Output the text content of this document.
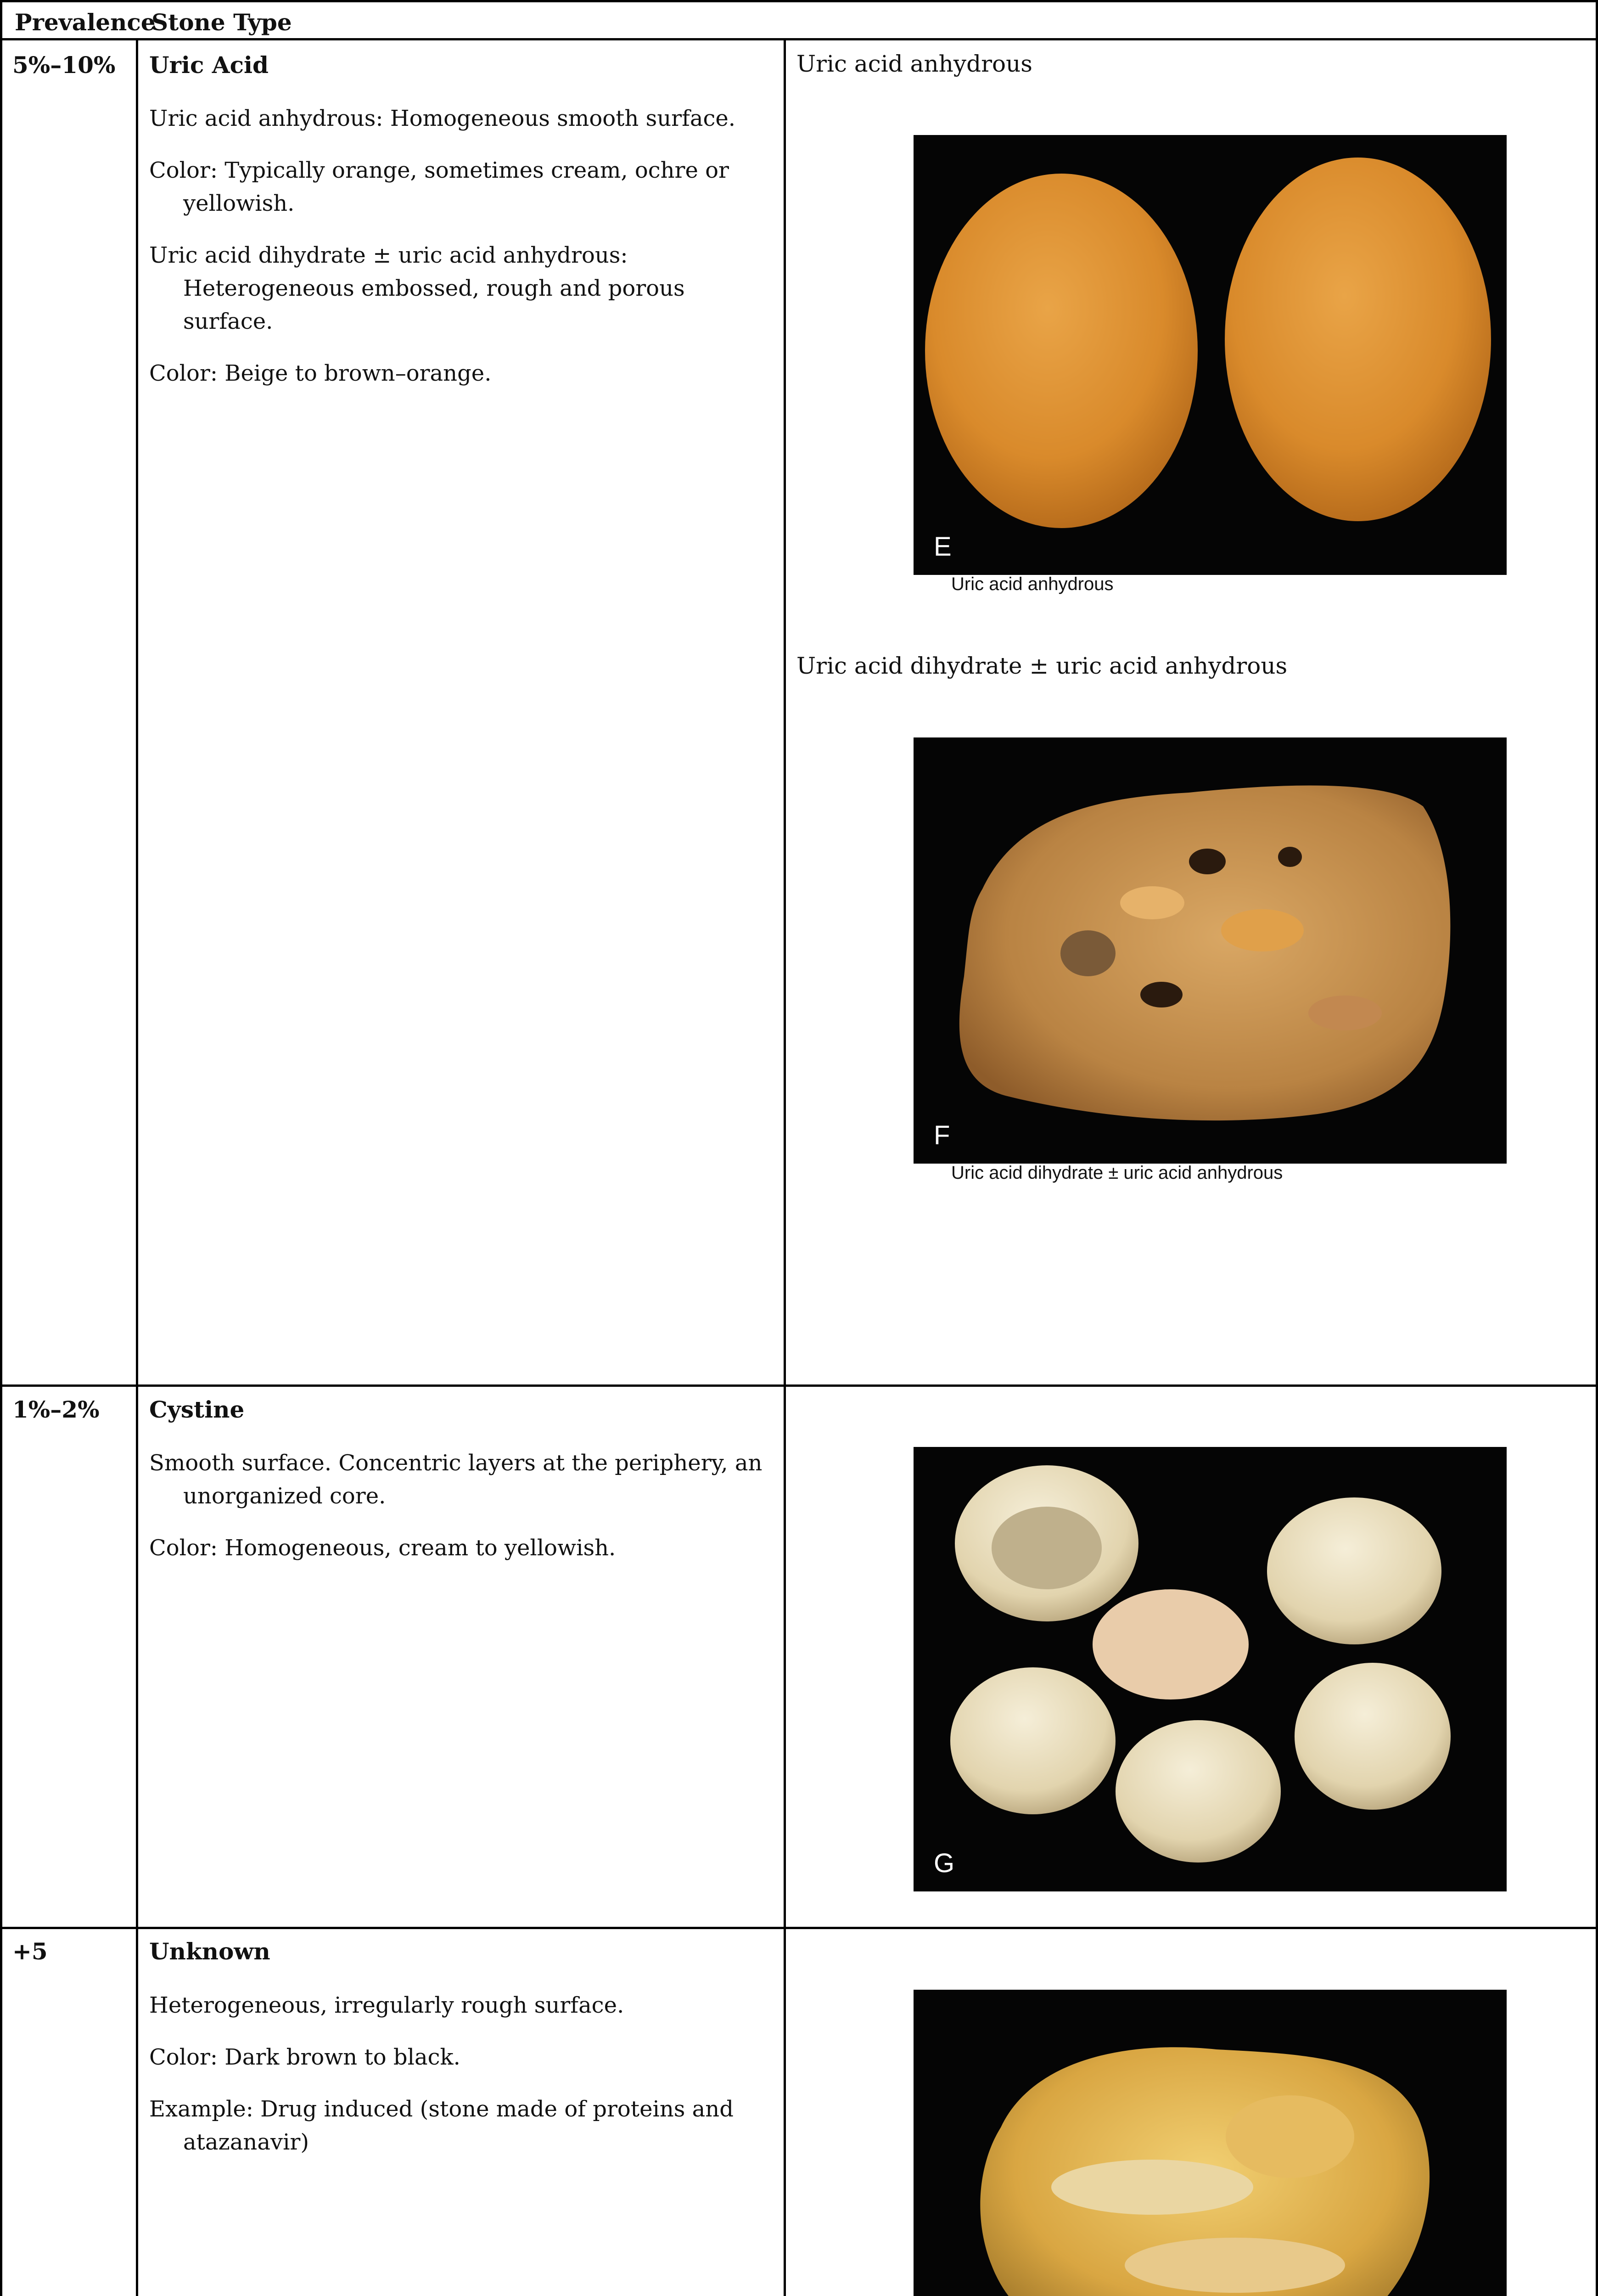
Prevalence
Stone Type
5%–10% Uric Acid

Uric acid anhydrous: Homogeneous smooth surface.

Color: Typically orange, sometimes cream, ochre or yellowish.

Uric acid dihydrate ± uric acid anhydrous: Heterogeneous embossed, rough and porous surface.

Color: Beige to brown–orange.

Uric acid anhydrous
E
Uric acid anhydrous
Uric acid dihydrate ± uric acid anhydrous
F
Uric acid dihydrate ± uric acid anhydrous
1%–2% Cystine

Smooth surface. Concentric layers at the periphery, an unorganized core.

Color: Homogeneous, cream to yellowish.

G
+5	Unknown

Heterogeneous, irregularly rough surface.

Color: Dark brown to black.

Example: Drug induced (stone made of proteins and atazanavir)
